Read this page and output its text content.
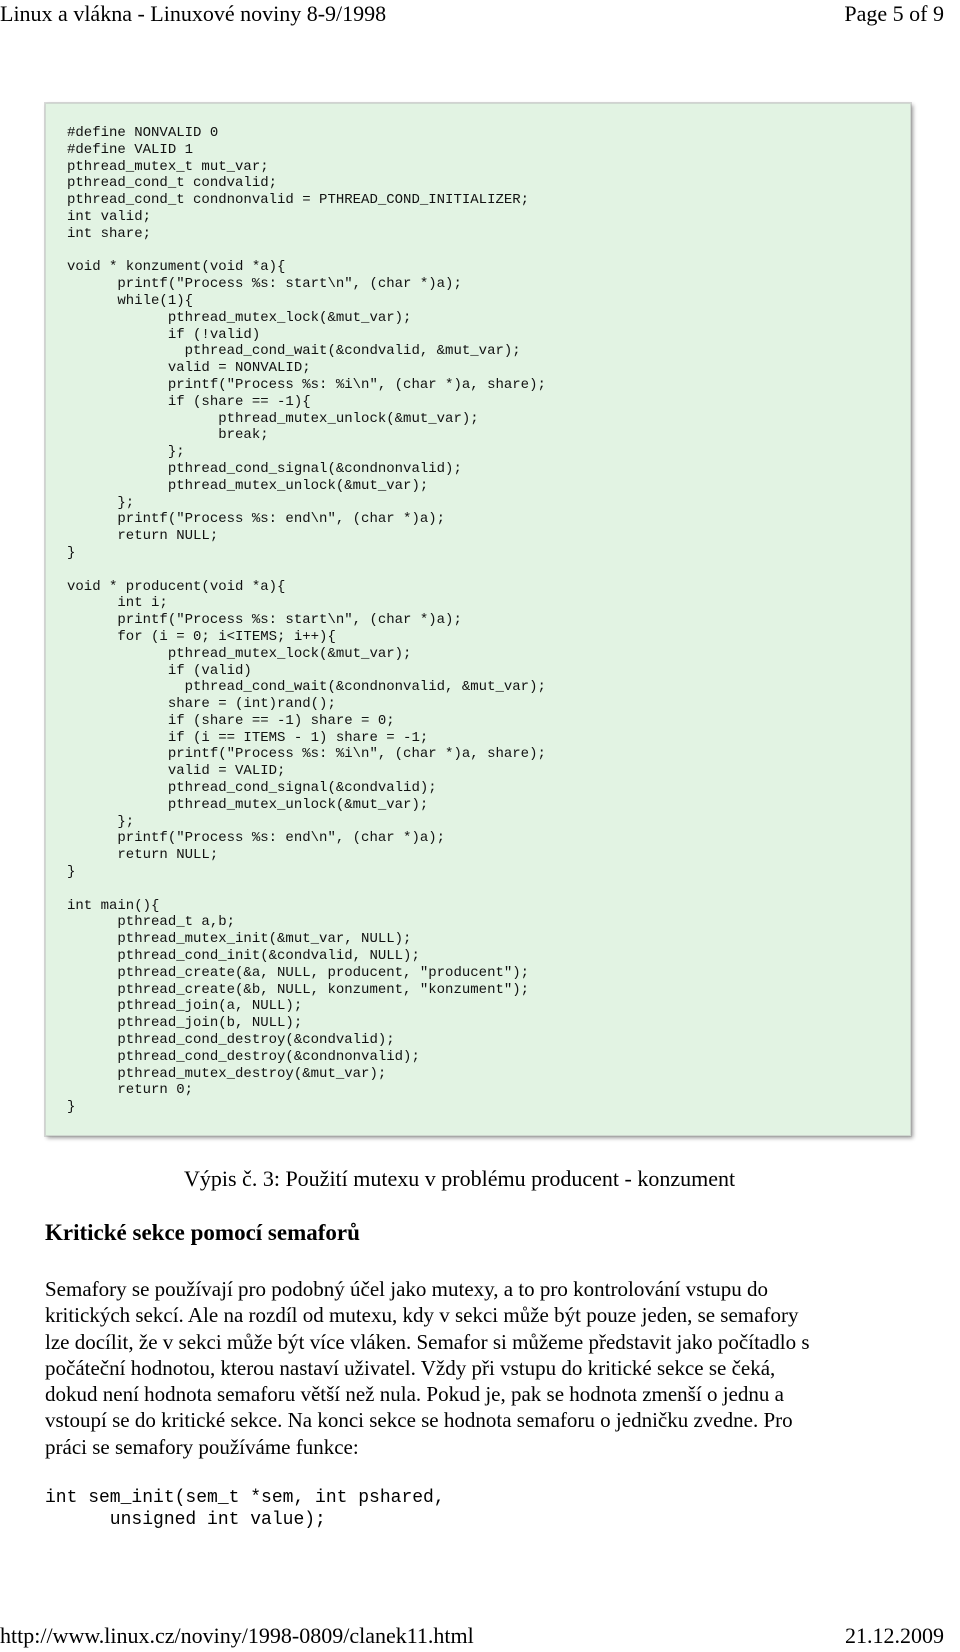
Linux a vlákna - Linuxové noviny 8-9/1998	Page 5 of 9
#define NONVALID 0
#define VALID 1
pthread_mutex_t mut_var;
pthread_cond_t condvalid;
pthread_cond_t condnonvalid = PTHREAD_COND_INITIALIZER;
int valid;
int share;

void * konzument(void *a){
printf("Process %s: start\n", (char *)a);
while(1){
pthread_mutex_lock(&mut_var);
if (!valid)
pthread_cond_wait(&condvalid, &mut_var);
valid = NONVALID;
printf("Process %s: %i\n", (char *)a, share);
if (share == -1){
pthread_mutex_unlock(&mut_var);
break;
};
pthread_cond_signal(&condnonvalid);
pthread_mutex_unlock(&mut_var);
};
printf("Process %s: end\n", (char *)a);
return NULL;
}

void * producent(void *a){
int i;
printf("Process %s: start\n", (char *)a);
for (i = 0; i<ITEMS; i++){
pthread_mutex_lock(&mut_var);
if (valid)
pthread_cond_wait(&condnonvalid, &mut_var);
share = (int)rand();
if (share == -1) share = 0;
if (i == ITEMS - 1) share = -1;
printf("Process %s: %i\n", (char *)a, share);
valid = VALID;
pthread_cond_signal(&condvalid);
pthread_mutex_unlock(&mut_var);
};
printf("Process %s: end\n", (char *)a);
return NULL;
}

int main(){
pthread_t a,b;
pthread_mutex_init(&mut_var, NULL);
pthread_cond_init(&condvalid, NULL);
pthread_create(&a, NULL, producent, "producent");
pthread_create(&b, NULL, konzument, "konzument");
pthread_join(a, NULL);
pthread_join(b, NULL);
pthread_cond_destroy(&condvalid);
pthread_cond_destroy(&condnonvalid);
pthread_mutex_destroy(&mut_var);
return 0;
}
Výpis č. 3: Použití mutexu v problému producent - konzument
Kritické sekce pomocí semaforů
Semafory se používají pro podobný účel jako mutexy, a to pro kontrolování vstupu do
kritických sekcí. Ale na rozdíl od mutexu, kdy v sekci může být pouze jeden, se semafory
lze docílit, že v sekci může být více vláken. Semafor si můžeme představit jako počítadlo s
počáteční hodnotou, kterou nastaví uživatel. Vždy při vstupu do kritické sekce se čeká,
dokud není hodnota semaforu větší než nula. Pokud je, pak se hodnota zmenší o jednu a
vstoupí se do kritické sekce. Na konci sekce se hodnota semaforu o jedničku zvedne. Pro
práci se semafory používáme funkce:
int sem_init(sem_t *sem, int pshared,
unsigned int value);
http://www.linux.cz/noviny/1998-0809/clanek11.html	21.12.2009
